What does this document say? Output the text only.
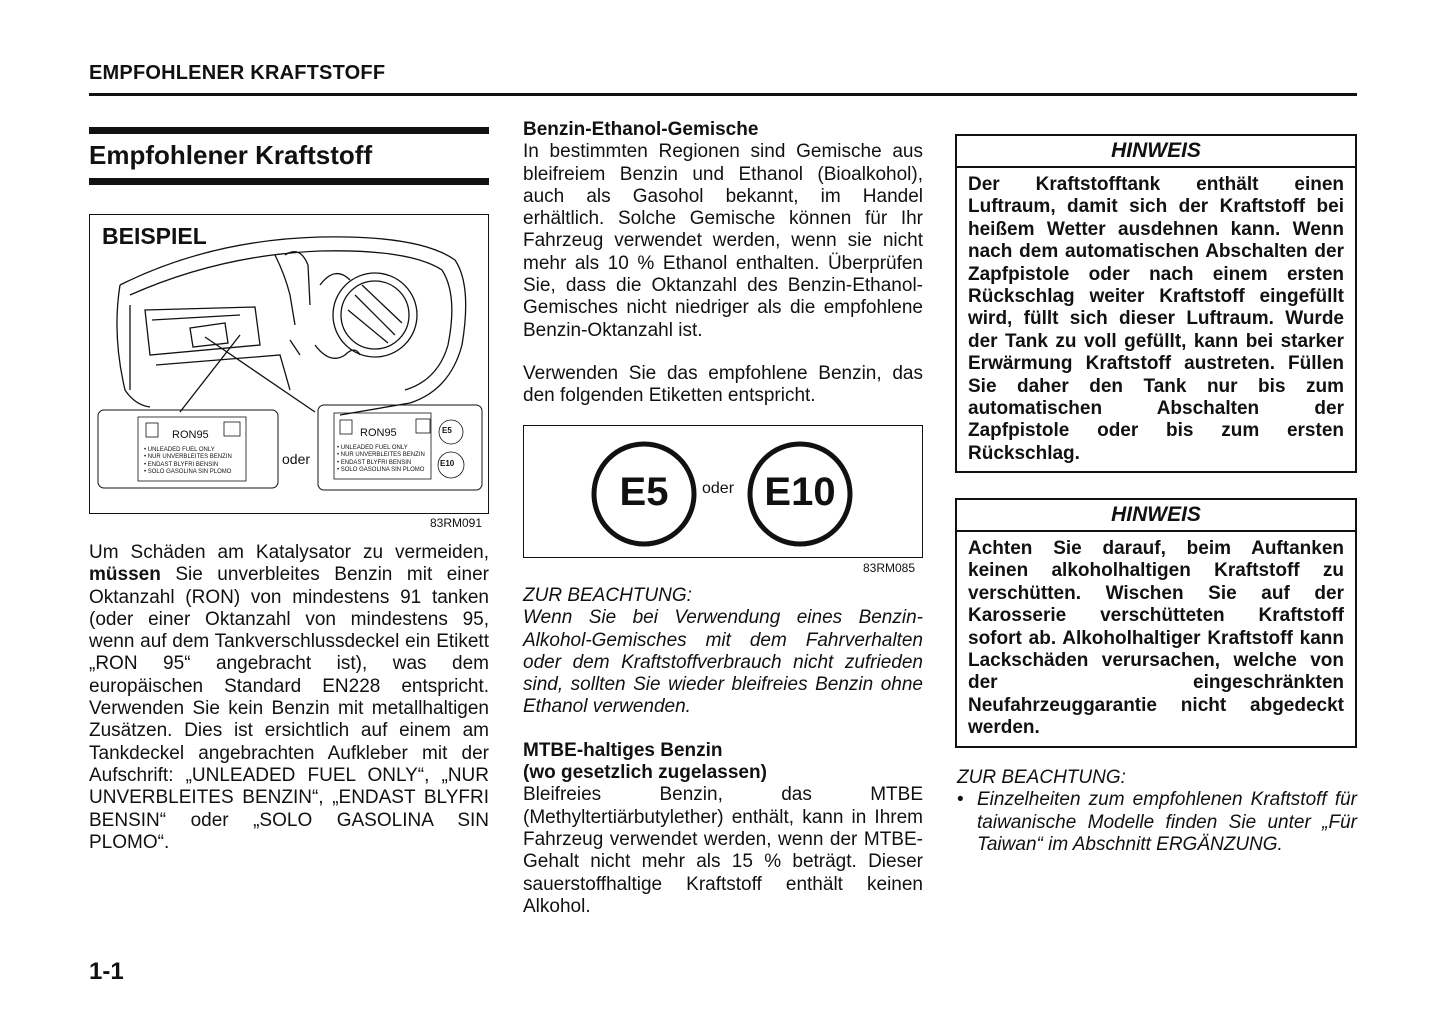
EMPFOHLENER KRAFTSTOFF
Empfohlener Kraftstoff
BEISPIEL
RON95
• UNLEADED FUEL ONLY
• NUR UNVERBLEITES BENZIN
• ENDAST BLYFRI BENSIN
• SOLO GASOLINA SIN PLOMO
oder
RON95
• UNLEADED FUEL ONLY
• NUR UNVERBLEITES BENZIN
• ENDAST BLYFRI BENSIN
• SOLO GASOLINA SIN PLOMO
E5
E10
83RM091

Um Schäden am Katalysator zu vermeiden, müssen Sie unverbleites Benzin mit einer Oktanzahl (RON) von mindestens 91 tanken (oder einer Oktanzahl von mindestens 95, wenn auf dem Tankverschlussdeckel ein Etikett „RON 95“ angebracht ist), was dem europäischen Standard EN228 entspricht. Verwenden Sie kein Benzin mit metallhaltigen Zusätzen. Dies ist ersichtlich auf einem am Tankdeckel angebrachten Aufkleber mit der Aufschrift: „UNLEADED FUEL ONLY“, „NUR UNVERBLEITES BENZIN“, „ENDAST BLYFRI BENSIN“ oder „SOLO GASOLINA SIN PLOMO“.

Benzin-Ethanol-Gemische

In bestimmten Regionen sind Gemische aus bleifreiem Benzin und Ethanol (Bioalkohol), auch als Gasohol bekannt, im Handel erhältlich. Solche Gemische können für Ihr Fahrzeug verwendet werden, wenn sie nicht mehr als 10 % Ethanol enthalten. Überprüfen Sie, dass die Oktanzahl des Benzin-Ethanol-Gemisches nicht niedriger als die empfohlene Benzin-Oktanzahl ist.

Verwenden Sie das empfohlene Benzin, das den folgenden Etiketten entspricht.

E5	oder E10
83RM085

ZUR BEACHTUNG:

Wenn Sie bei Verwendung eines Benzin-Alkohol-Gemisches mit dem Fahrverhalten oder dem Kraftstoffverbrauch nicht zufrieden sind, sollten Sie wieder bleifreies Benzin ohne Ethanol verwenden.

MTBE-haltiges Benzin

(wo gesetzlich zugelassen)

Bleifreies Benzin, das MTBE (Methyltertiärbutylether) enthält, kann in Ihrem Fahrzeug verwendet werden, wenn der MTBE-Gehalt nicht mehr als 15 % beträgt. Dieser sauerstoffhaltige Kraftstoff enthält keinen Alkohol.

HINWEIS
Der Kraftstofftank enthält einen Luftraum, damit sich der Kraftstoff bei heißem Wetter ausdehnen kann. Wenn nach dem automatischen Abschalten der Zapfpistole oder nach einem ersten Rückschlag weiter Kraftstoff eingefüllt wird, füllt sich dieser Luftraum. Wurde der Tank zu voll gefüllt, kann bei starker Erwärmung Kraftstoff austreten. Füllen Sie daher den Tank nur bis zum automatischen Abschalten der Zapfpistole oder bis zum ersten Rückschlag.
HINWEIS
Achten Sie darauf, beim Auftanken keinen alkoholhaltigen Kraftstoff zu verschütten. Wischen Sie auf der Karosserie verschütteten Kraftstoff sofort ab. Alkoholhaltiger Kraftstoff kann Lackschäden verursachen, welche von der eingeschränkten Neufahrzeuggarantie nicht abgedeckt werden.

ZUR BEACHTUNG:

• Einzelheiten zum empfohlenen Kraftstoff für taiwanische Modelle finden Sie unter „Für Taiwan“ im Abschnitt ERGÄNZUNG.
1-1
